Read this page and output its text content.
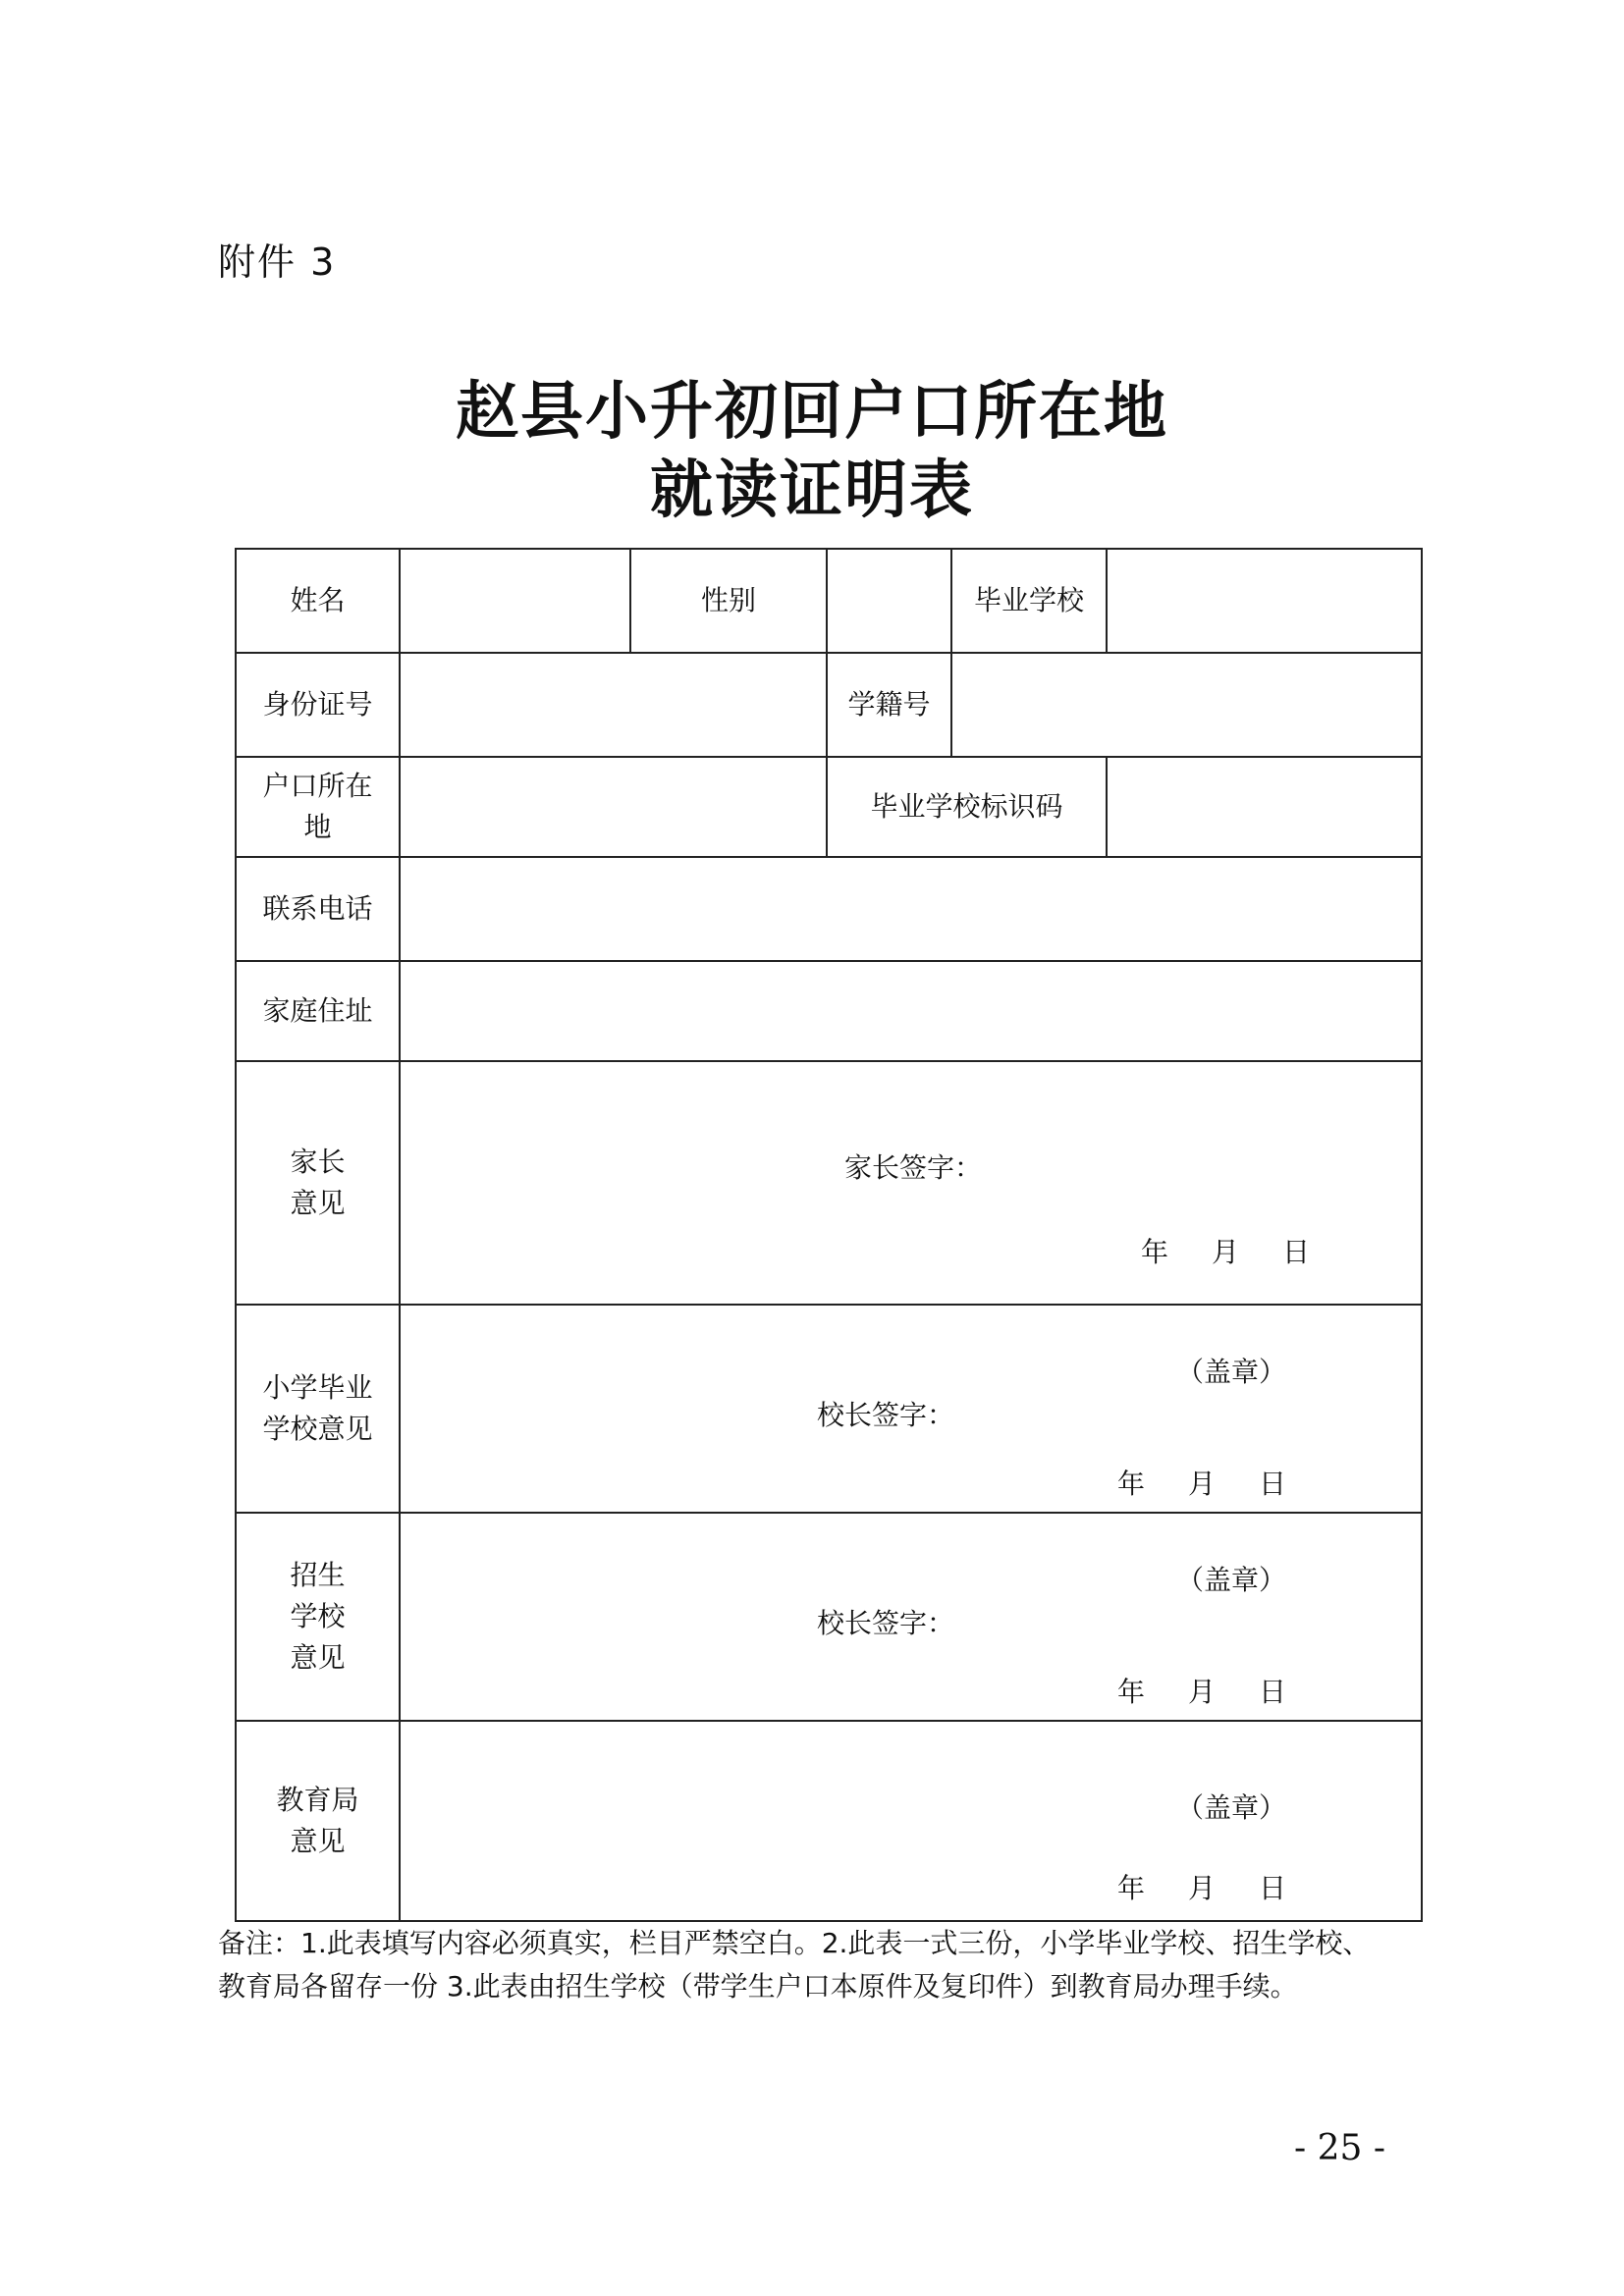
附件 3
赵县小升初回户口所在地
就读证明表
姓名		性别		毕业学校	
身份证号			学籍号		
户口所在
地			毕业学校标识码		
联系电话					
家庭住址					
家长
意见	家长签字：
年 月 日				

小学毕业
学校意见	（盖章）
校长签字：
年 月 日				

招生
学校
意见	（盖章）
校长签字：
年 月 日				

教育局
意见	（盖章）
年 月 日				
备注：1.此表填写内容必须真实，栏目严禁空白。2.此表一式三份，小学毕业学校、招生学校、
教育局各留存一份 3.此表由招生学校（带学生户口本原件及复印件）到教育局办理手续。
- 25 -
